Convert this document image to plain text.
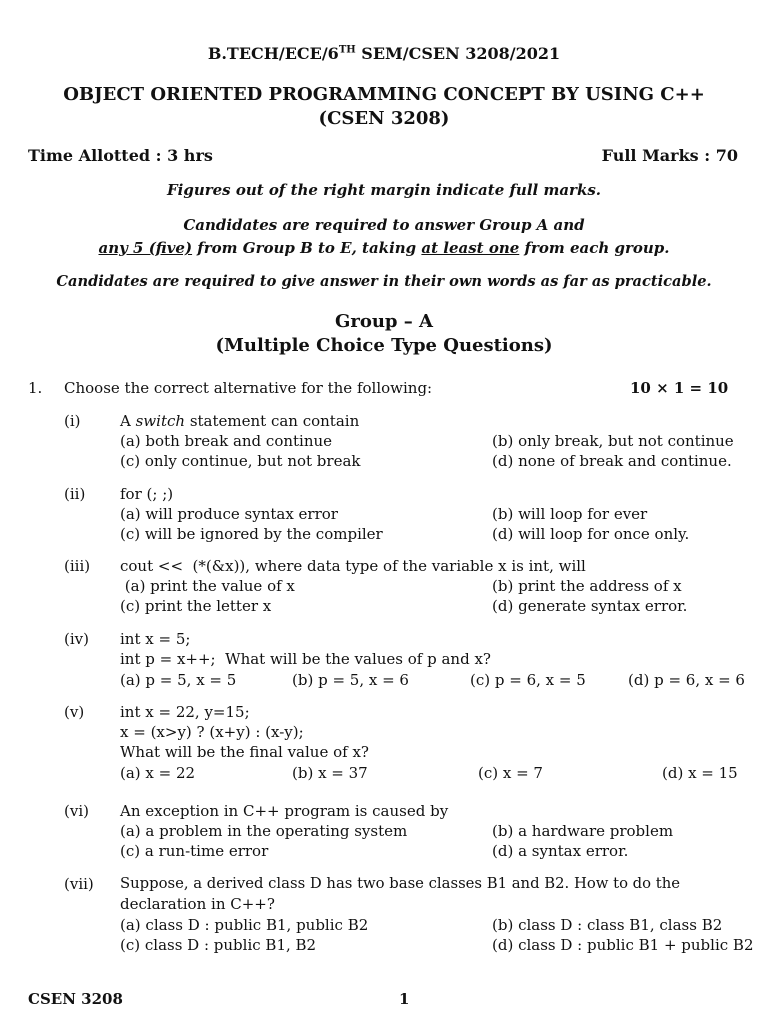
B.TECH/ECE/6TH SEM/CSEN 3208/2021
OBJECT ORIENTED PROGRAMMING CONCEPT BY USING C++
(CSEN 3208)
Time Allotted : 3 hrs	Full Marks : 70
Figures out of the right margin indicate full marks.
Candidates are required to answer Group A and
any 5 (five) from Group B to E, taking at least one from each group.
Candidates are required to give answer in their own words as far as practicable.
Group – A
(Multiple Choice Type Questions)
1. Choose the correct alternative for the following:	10 × 1 = 10
(i)	A switch statement can contain
(a) both break and continue	(b) only break, but not continue
(c) only continue, but not break	(d) none of break and continue.
(ii) for (; ;)
(a) will produce syntax error	(b) will loop for ever
(c) will be ignored by the compiler	(d) will loop for once only.
(iii) cout <<  (*(&x)), where data type of the variable x is int, will
(a) print the value of x	(b) print the address of x
(c) print the letter x	(d) generate syntax error.
(iv) int x = 5;
int p = x++;  What will be the values of p and x?
(a) p = 5, x = 5	(b) p = 5, x = 6	(c) p = 6, x = 5	(d) p = 6, x = 6
(v) int x = 22, y=15;
x = (x>y) ? (x+y) : (x-y);
What will be the final value of x?
(a) x = 22	(b) x = 37	(c) x = 7	(d) x = 15
(vi) An exception in C++ program is caused by
(a) a problem in the operating system	(b) a hardware problem
(c) a run-time error	(d) a syntax error.
(vii) Suppose, a derived class D has two base classes B1 and B2. How to do the
declaration in C++?
(a) class D : public B1, public B2	(b) class D : class B1, class B2
(c) class D : public B1, B2	(d) class D : public B1 + public B2
CSEN 3208	1
